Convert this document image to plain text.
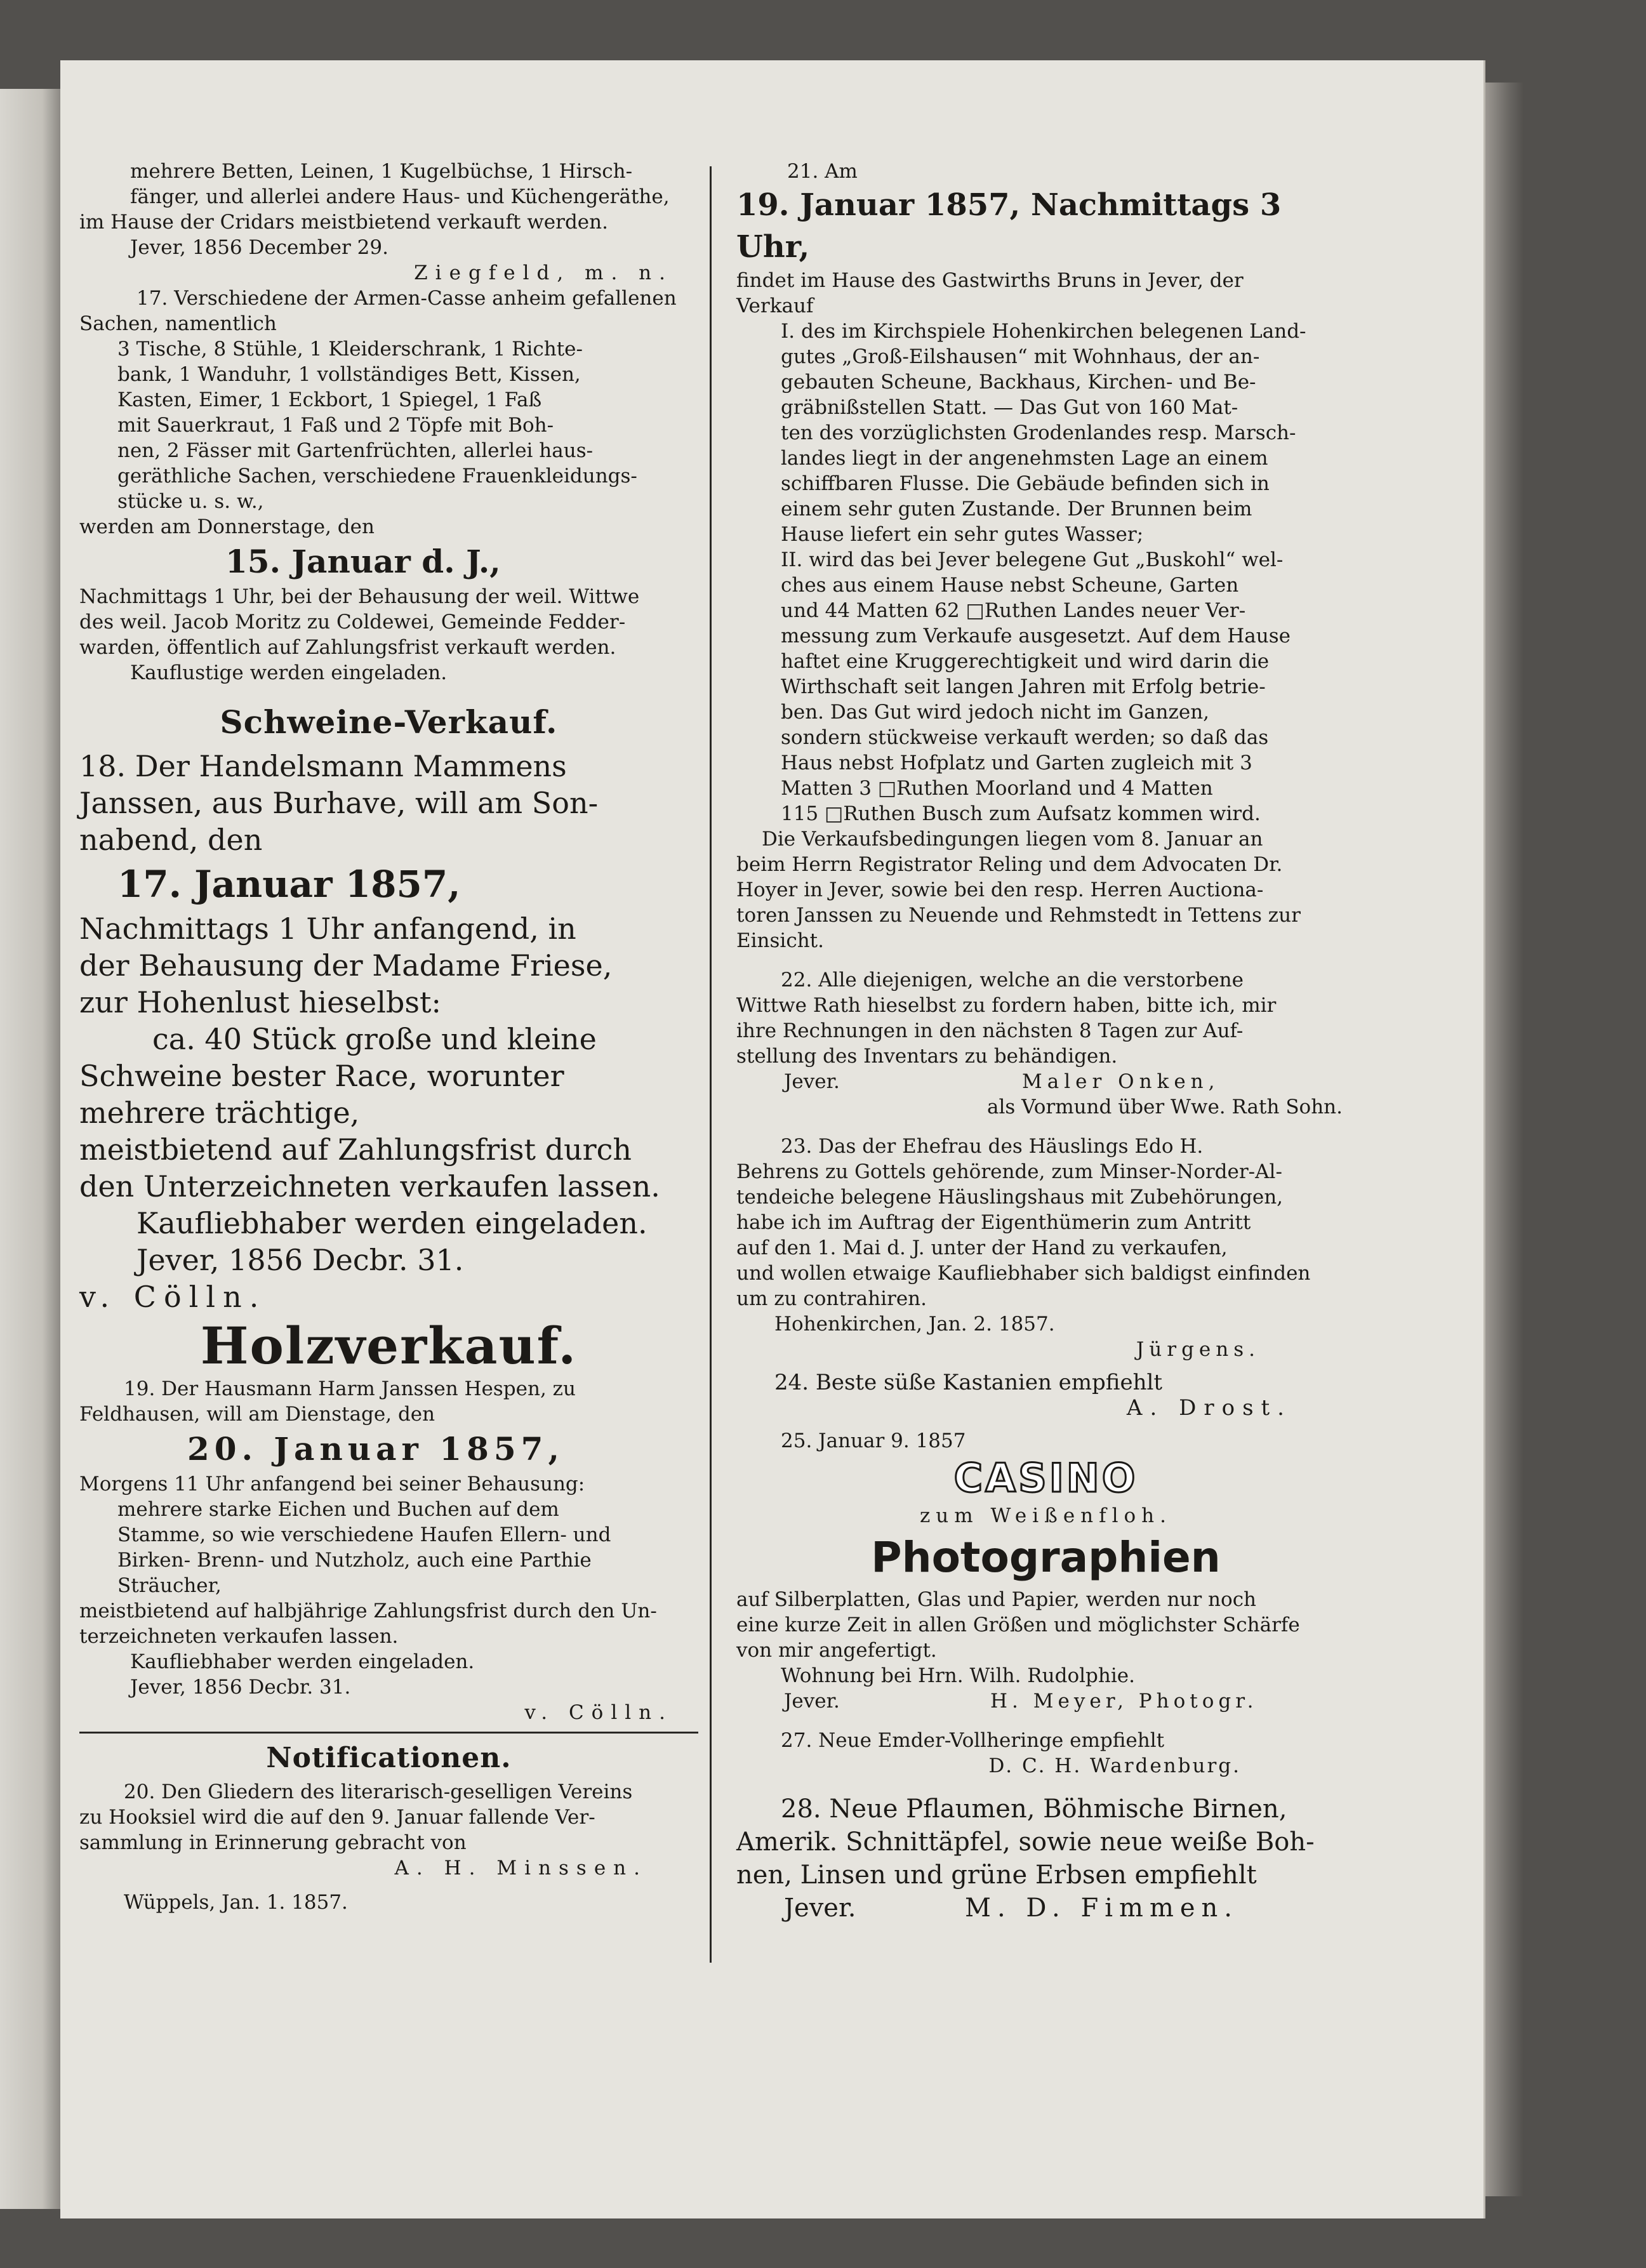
mehrere Betten, Leinen, 1 Kugelbüchse, 1 Hirsch-
fänger, und allerlei andere Haus- und Küchengeräthe,
im Hause der Cridars meistbietend verkauft werden.
Jever, 1856 December 29.
Ziegfeld, m. n.
17. Verschiedene der Armen-Casse anheim gefallenen
Sachen, namentlich
3 Tische, 8 Stühle, 1 Kleiderschrank, 1 Richte-
bank, 1 Wanduhr, 1 vollständiges Bett, Kissen,
Kasten, Eimer, 1 Eckbort, 1 Spiegel, 1 Faß
mit Sauerkraut, 1 Faß und 2 Töpfe mit Boh-
nen, 2 Fässer mit Gartenfrüchten, allerlei haus-
geräthliche Sachen, verschiedene Frauenkleidungs-
stücke u. s. w.,
werden am Donnerstage, den
15. Januar d. J.,
Nachmittags 1 Uhr, bei der Behausung der weil. Wittwe
des weil. Jacob Moritz zu Coldewei, Gemeinde Fedder-
warden, öffentlich auf Zahlungsfrist verkauft werden.
Kauflustige werden eingeladen.
Schweine-Verkauf.
18. Der Handelsmann Mammens
Janssen, aus Burhave, will am Son-
nabend, den
17. Januar 1857,
Nachmittags 1 Uhr anfangend, in
der Behausung der Madame Friese,
zur Hohenlust hieselbst:
ca. 40 Stück große und kleine
Schweine bester Race, worunter
mehrere trächtige,
meistbietend auf Zahlungsfrist durch
den Unterzeichneten verkaufen lassen.
Kaufliebhaber werden eingeladen.
Jever, 1856 Decbr. 31.
v. Cölln.
Holzverkauf.
19. Der Hausmann Harm Janssen Hespen, zu
Feldhausen, will am Dienstage, den
20. Januar 1857,
Morgens 11 Uhr anfangend bei seiner Behausung:
mehrere starke Eichen und Buchen auf dem
Stamme, so wie verschiedene Haufen Ellern- und
Birken- Brenn- und Nutzholz, auch eine Parthie
Sträucher,
meistbietend auf halbjährige Zahlungsfrist durch den Un-
terzeichneten verkaufen lassen.
Kaufliebhaber werden eingeladen.
Jever, 1856 Decbr. 31.
v. Cölln.
Notificationen.
20. Den Gliedern des literarisch-geselligen Vereins
zu Hooksiel wird die auf den 9. Januar fallende Ver-
sammlung in Erinnerung gebracht von
A. H. Minssen.
Wüppels, Jan. 1. 1857.
21. Am
19. Januar 1857, Nachmittags 3 Uhr,
findet im Hause des Gastwirths Bruns in Jever, der
Verkauf
I. des im Kirchspiele Hohenkirchen belegenen Land-
gutes „Groß-Eilshausen“ mit Wohnhaus, der an-
gebauten Scheune, Backhaus, Kirchen- und Be-
gräbnißstellen Statt. — Das Gut von 160 Mat-
ten des vorzüglichsten Grodenlandes resp. Marsch-
landes liegt in der angenehmsten Lage an einem
schiffbaren Flusse. Die Gebäude befinden sich in
einem sehr guten Zustande. Der Brunnen beim
Hause liefert ein sehr gutes Wasser;
II. wird das bei Jever belegene Gut „Buskohl“ wel-
ches aus einem Hause nebst Scheune, Garten
und 44 Matten 62 □Ruthen Landes neuer Ver-
messung zum Verkaufe ausgesetzt. Auf dem Hause
haftet eine Kruggerechtigkeit und wird darin die
Wirthschaft seit langen Jahren mit Erfolg betrie-
ben. Das Gut wird jedoch nicht im Ganzen,
sondern stückweise verkauft werden; so daß das
Haus nebst Hofplatz und Garten zugleich mit 3
Matten 3 □Ruthen Moorland und 4 Matten
115 □Ruthen Busch zum Aufsatz kommen wird.
Die Verkaufsbedingungen liegen vom 8. Januar an
beim Herrn Registrator Reling und dem Advocaten Dr.
Hoyer in Jever, sowie bei den resp. Herren Auctiona-
toren Janssen zu Neuende und Rehmstedt in Tettens zur
Einsicht.
22. Alle diejenigen, welche an die verstorbene
Wittwe Rath hieselbst zu fordern haben, bitte ich, mir
ihre Rechnungen in den nächsten 8 Tagen zur Auf-
stellung des Inventars zu behändigen.
Jever.	Maler Onken,
als Vormund über Wwe. Rath Sohn.
23. Das der Ehefrau des Häuslings Edo H.
Behrens zu Gottels gehörende, zum Minser-Norder-Al-
tendeiche belegene Häuslingshaus mit Zubehörungen,
habe ich im Auftrag der Eigenthümerin zum Antritt
auf den 1. Mai d. J. unter der Hand zu verkaufen,
und wollen etwaige Kaufliebhaber sich baldigst einfinden
um zu contrahiren.
Hohenkirchen, Jan. 2. 1857.
Jürgens.
24. Beste süße Kastanien empfiehlt
A. Drost.
25. Januar 9. 1857
CASINO
zum Weißenfloh.
Photographien
auf Silberplatten, Glas und Papier, werden nur noch
eine kurze Zeit in allen Größen und möglichster Schärfe
von mir angefertigt.
Wohnung bei Hrn. Wilh. Rudolphie.
Jever.	H. Meyer, Photogr.
27. Neue Emder-Vollheringe empfiehlt
D. C. H. Wardenburg.
28. Neue Pflaumen, Böhmische Birnen,
Amerik. Schnittäpfel, sowie neue weiße Boh-
nen, Linsen und grüne Erbsen empfiehlt
Jever.	M. D. Fimmen.
